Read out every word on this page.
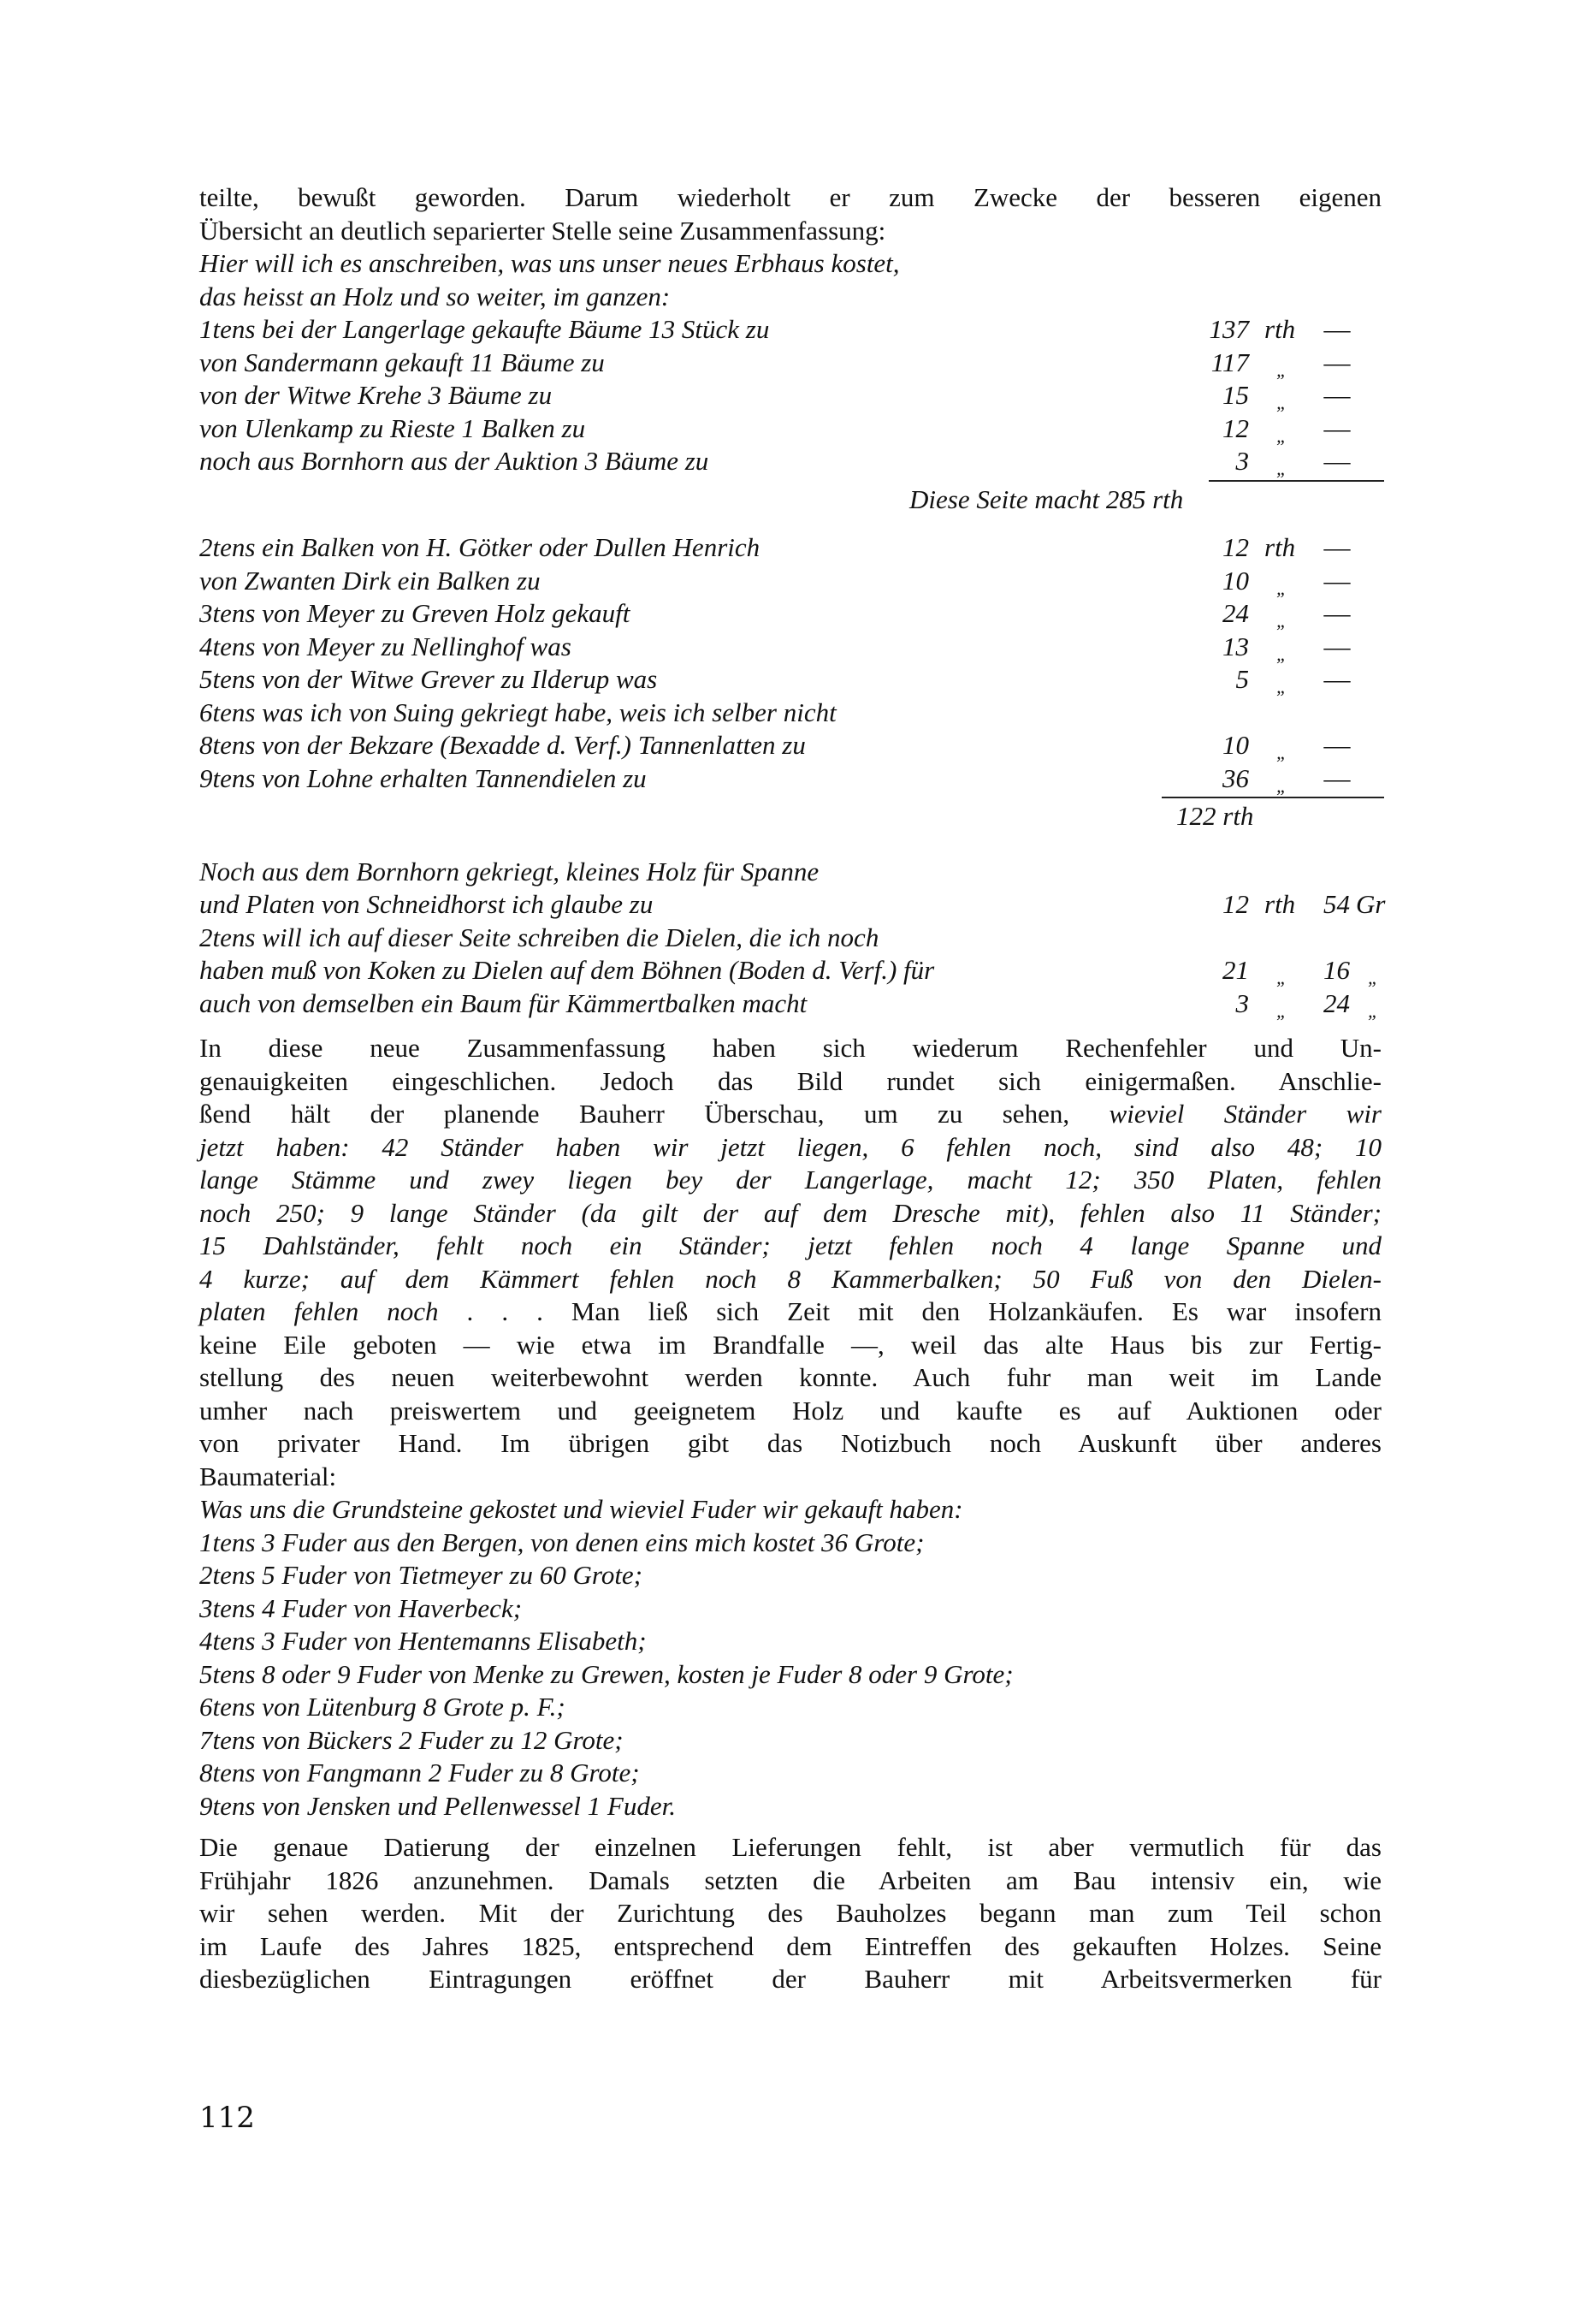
teilte, bewußt geworden. Darum wiederholt er zum Zwecke der besseren eigenen
Übersicht an deutlich separierter Stelle seine Zusammenfassung:
Hier will ich es anschreiben, was uns unser neues Erbhaus kostet,
das heisst an Holz und so weiter, im ganzen:
1tens bei der Langerlage gekaufte Bäume 13 Stück zu	137 rth	—
von Sandermann gekauft 11 Bäume zu	117	„	—
von der Witwe Krehe 3 Bäume zu	15	„	—
von Ulenkamp zu Rieste 1 Balken zu	12	„	—
noch aus Bornhorn aus der Auktion 3 Bäume zu	3	„	—
Diese Seite macht 285 rth
2tens ein Balken von H. Götker oder Dullen Henrich	12 rth	—
von Zwanten Dirk ein Balken zu	10	„	—
3tens von Meyer zu Greven Holz gekauft	24	„	—
4tens von Meyer zu Nellinghof was	13	„	—
5tens von der Witwe Grever zu Ilderup was	5	„	—
6tens was ich von Suing gekriegt habe, weis ich selber nicht
8tens von der Bekzare (Bexadde d. Verf.) Tannenlatten zu	10	„	—
9tens von Lohne erhalten Tannendielen zu	36	„	—
122 rth
Noch aus dem Bornhorn gekriegt, kleines Holz für Spanne
und Platen von Schneidhorst ich glaube zu	12 rth	54 Gr
2tens will ich auf dieser Seite schreiben die Dielen, die ich noch
haben muß von Koken zu Dielen auf dem Böhnen (Boden d. Verf.) für	21	„	16 „
auch von demselben ein Baum für Kämmertbalken macht	3	„	24 „
In diese neue Zusammenfassung haben sich wiederum Rechenfehler und Un-
genauigkeiten eingeschlichen. Jedoch das Bild rundet sich einigermaßen. Anschlie-
ßend hält der planende Bauherr Überschau, um zu sehen, wieviel Ständer wir
jetzt haben: 42 Ständer haben wir jetzt liegen, 6 fehlen noch, sind also 48; 10
lange Stämme und zwey liegen bey der Langerlage, macht 12; 350 Platen, fehlen
noch 250; 9 lange Ständer (da gilt der auf dem Dresche mit), fehlen also 11 Ständer;
15 Dahlständer, fehlt noch ein Ständer; jetzt fehlen noch 4 lange Spanne und
4 kurze; auf dem Kämmert fehlen noch 8 Kammerbalken; 50 Fuß von den Dielen-
platen fehlen noch . . . Man ließ sich Zeit mit den Holzankäufen. Es war insofern
keine Eile geboten — wie etwa im Brandfalle —, weil das alte Haus bis zur Fertig-
stellung des neuen weiterbewohnt werden konnte. Auch fuhr man weit im Lande
umher nach preiswertem und geeignetem Holz und kaufte es auf Auktionen oder
von privater Hand. Im übrigen gibt das Notizbuch noch Auskunft über anderes
Baumaterial:
Was uns die Grundsteine gekostet und wieviel Fuder wir gekauft haben:
1tens 3 Fuder aus den Bergen, von denen eins mich kostet 36 Grote;
2tens 5 Fuder von Tietmeyer zu 60 Grote;
3tens 4 Fuder von Haverbeck;
4tens 3 Fuder von Hentemanns Elisabeth;
5tens 8 oder 9 Fuder von Menke zu Grewen, kosten je Fuder 8 oder 9 Grote;
6tens von Lütenburg 8 Grote p. F.;
7tens von Bückers 2 Fuder zu 12 Grote;
8tens von Fangmann 2 Fuder zu 8 Grote;
9tens von Jensken und Pellenwessel 1 Fuder.
Die genaue Datierung der einzelnen Lieferungen fehlt, ist aber vermutlich für das
Frühjahr 1826 anzunehmen. Damals setzten die Arbeiten am Bau intensiv ein, wie
wir sehen werden. Mit der Zurichtung des Bauholzes begann man zum Teil schon
im Laufe des Jahres 1825, entsprechend dem Eintreffen des gekauften Holzes. Seine
diesbezüglichen Eintragungen eröffnet der Bauherr mit Arbeitsvermerken für
112
